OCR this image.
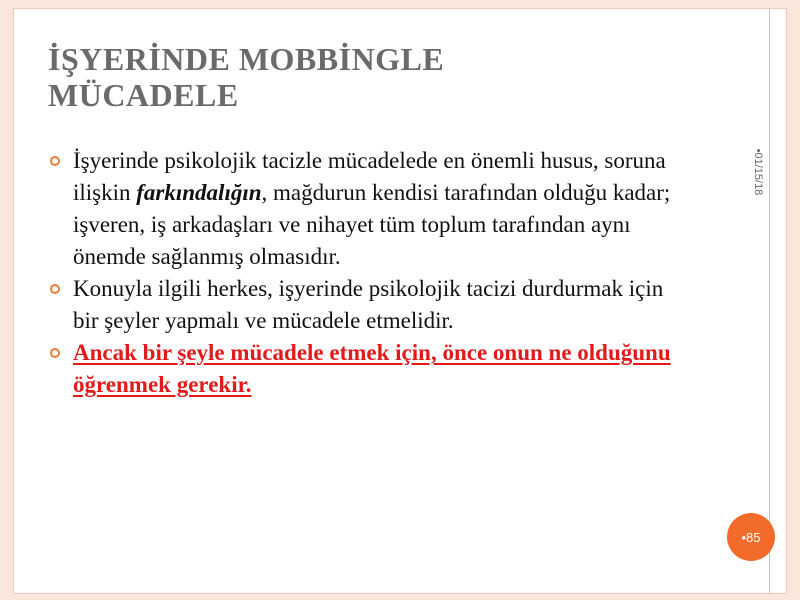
İŞYERİNDE MOBBİNGLE MÜCADELE
İşyerinde psikolojik tacizle mücadelede en önemli husus, soruna ilişkin farkındalığın, mağdurun kendisi tarafından olduğu kadar; işveren, iş arkadaşları ve nihayet tüm toplum tarafından aynı önemde sağlanmış olmasıdır.
Konuyla ilgili herkes, işyerinde psikolojik tacizi durdurmak için bir şeyler yapmalı ve mücadele etmelidir.
Ancak bir şeyle mücadele etmek için, önce onun ne olduğunu öğrenmek gerekir.
•01/15/18
•85
